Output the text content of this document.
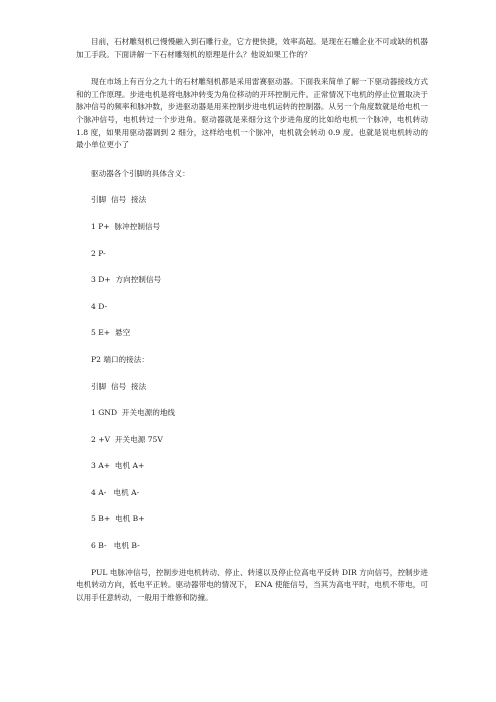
目前，石材雕刻机已慢慢融入到石雕行业，它方便快捷，效率高超。是现在石雕企业不可或缺的机器加工手段。下面讲解一下石材雕刻机的原理是什么？他说如果工作的？

现在市场上有百分之九十的石材雕刻机都是采用雷赛驱动器。下面我来简单了解一下驱动器接线方式和的工作原理。步进电机是将电脉冲转变为角位移动的开环控制元件。正常情况下电机的停止位置取决于脉冲信号的频率和脉冲数，步进驱动器是用来控制步进电机运转的控制器。从另一个角度数就是给电机一个脉冲信号，电机转过一个步进角。驱动器就是来细分这个步进角度的比如给电机一个脉冲，电机转动 1.8 度，如果用驱动器调到 2 细分，这样给电机一个脉冲，电机就会转动 0.9 度。也就是说电机转动的最小单位更小了

驱动器各个引脚的具体含义：

引脚  信号  接法
1 P+  脉冲控制信号
2 P-
3 D+  方向控制信号
4 D-
5 E+  悬空
P2 端口的接法：
引脚  信号  接法
1 GND  开关电源的地线
2 +V  开关电源 75V
3 A+  电机 A+
4 A-   电机 A-
5 B+  电机 B+
6 B-   电机 B-

PUL 电脉冲信号，控制步进电机转动、停止、转速以及停止位高电平反转 DIR 方向信号，控制步进电机转动方向，低电平正转。驱动器带电的情况下， ENA 使能信号，当其为高电平时，电机不带电，可以用手任意转动，一般用于维修和防撞。
